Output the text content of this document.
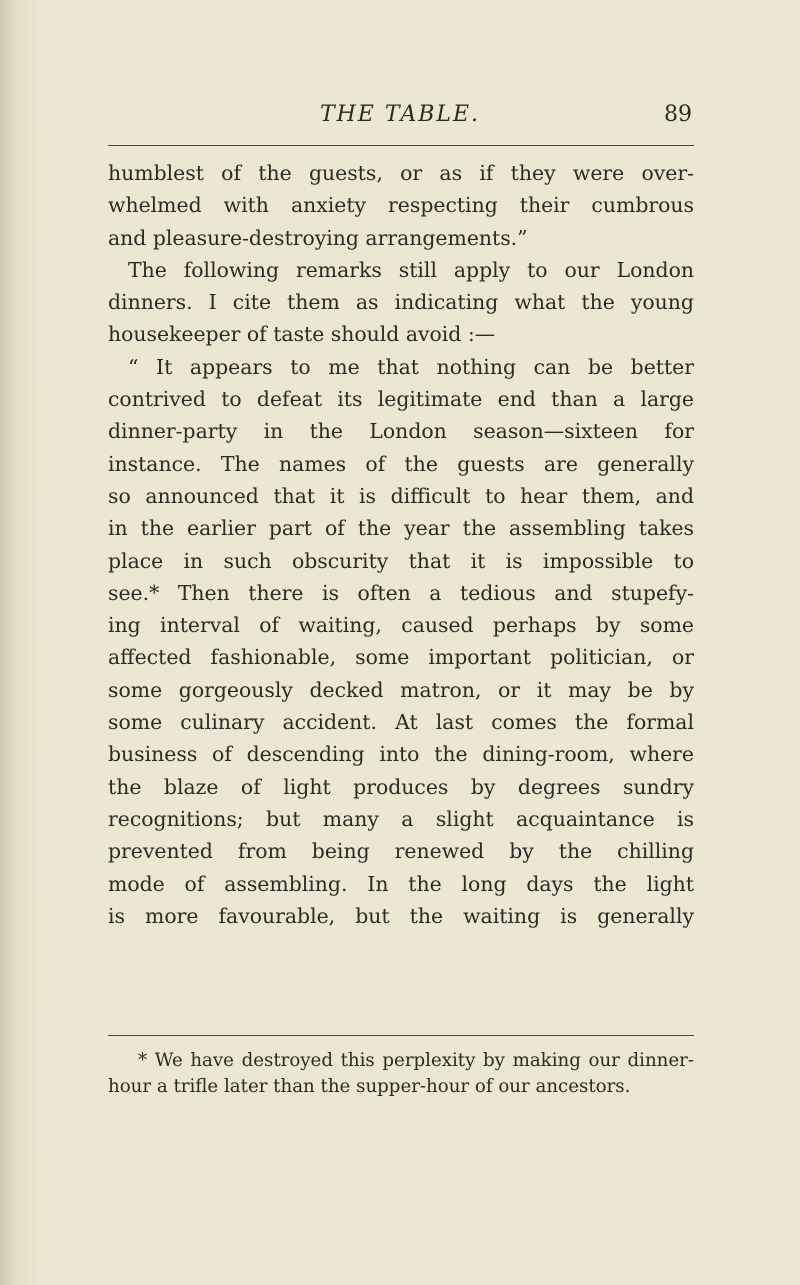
THE TABLE.	89
humblest of the guests, or as if they were over-
whelmed with anxiety respecting their cumbrous
and pleasure-destroying arrangements.”
The following remarks still apply to our London
dinners. I cite them as indicating what the young
housekeeper of taste should avoid :—
“ It appears to me that nothing can be better
contrived to defeat its legitimate end than a large
dinner-party in the London season—sixteen for
instance. The names of the guests are generally
so announced that it is difficult to hear them, and
in the earlier part of the year the assembling takes
place in such obscurity that it is impossible to
see.* Then there is often a tedious and stupefy-
ing interval of waiting, caused perhaps by some
affected fashionable, some important politician, or
some gorgeously decked matron, or it may be by
some culinary accident. At last comes the formal
business of descending into the dining-room, where
the blaze of light produces by degrees sundry
recognitions; but many a slight acquaintance is
prevented from being renewed by the chilling
mode of assembling. In the long days the light
is more favourable, but the waiting is generally
* We have destroyed this perplexity by making our dinner-
hour a trifle later than the supper-hour of our ancestors.
